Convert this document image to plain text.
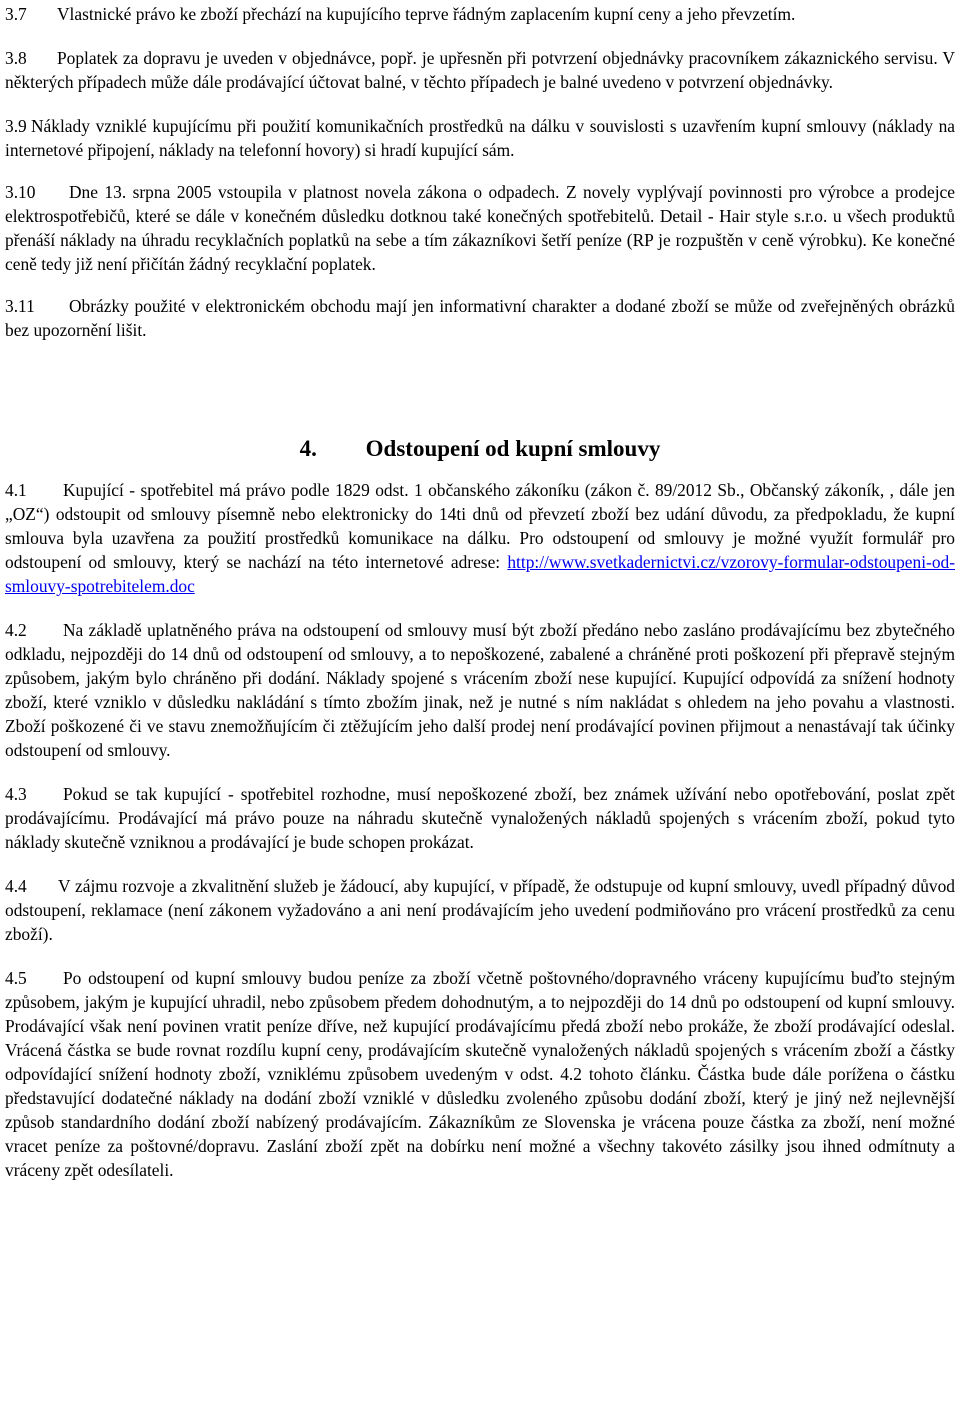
3.7 Vlastnické právo ke zboží přechází na kupujícího teprve řádným zaplacením kupní ceny a jeho převzetím.

3.8 Poplatek za dopravu je uveden v objednávce, popř. je upřesněn při potvrzení objednávky pracovníkem zákaznického servisu. V některých případech může dále prodávající účtovat balné, v těchto případech je balné uvedeno v potvrzení objednávky.

3.9 Náklady vzniklé kupujícímu při použití komunikačních prostředků na dálku v souvislosti s uzavřením kupní smlouvy (náklady na internetové připojení, náklady na telefonní hovory) si hradí kupující sám.

3.10 Dne 13. srpna 2005 vstoupila v platnost novela zákona o odpadech. Z novely vyplývají povinnosti pro výrobce a prodejce elektrospotřebičů, které se dále v konečném důsledku dotknou také konečných spotřebitelů. Detail - Hair style s.r.o. u všech produktů přenáší náklady na úhradu recyklačních poplatků na sebe a tím zákazníkovi šetří peníze (RP je rozpuštěn v ceně výrobku). Ke konečné ceně tedy již není přičítán žádný recyklační poplatek.

3.11 Obrázky použité v elektronickém obchodu mají jen informativní charakter a dodané zboží se může od zveřejněných obrázků bez upozornění lišit.

4. Odstoupení od kupní smlouvy

4.1 Kupující - spotřebitel má právo podle 1829 odst. 1 občanského zákoníku (zákon č. 89/2012 Sb., Občanský zákoník, , dále jen „OZ“) odstoupit od smlouvy písemně nebo elektronicky do 14ti dnů od převzetí zboží bez udání důvodu, za předpokladu, že kupní smlouva byla uzavřena za použití prostředků komunikace na dálku. Pro odstoupení od smlouvy je možné využít formulář pro odstoupení od smlouvy, který se nachází na této internetové adrese: http://www.svetkadernictvi.cz/vzorovy-formular-odstoupeni-od-smlouvy-spotrebitelem.doc

4.2 Na základě uplatněného práva na odstoupení od smlouvy musí být zboží předáno nebo zasláno prodávajícímu bez zbytečného odkladu, nejpozději do 14 dnů od odstoupení od smlouvy, a to nepoškozené, zabalené a chráněné proti poškození při přepravě stejným způsobem, jakým bylo chráněno při dodání. Náklady spojené s vrácením zboží nese kupující. Kupující odpovídá za snížení hodnoty zboží, které vzniklo v důsledku nakládání s tímto zbožím jinak, než je nutné s ním nakládat s ohledem na jeho povahu a vlastnosti. Zboží poškozené či ve stavu znemožňujícím či ztěžujícím jeho další prodej není prodávající povinen přijmout a nenastávají tak účinky odstoupení od smlouvy.

4.3 Pokud se tak kupující - spotřebitel rozhodne, musí nepoškozené zboží, bez známek užívání nebo opotřebování, poslat zpět prodávajícímu. Prodávající má právo pouze na náhradu skutečně vynaložených nákladů spojených s vrácením zboží, pokud tyto náklady skutečně vzniknou a prodávající je bude schopen prokázat.

4.4 V zájmu rozvoje a zkvalitnění služeb je žádoucí, aby kupující, v případě, že odstupuje od kupní smlouvy, uvedl případný důvod odstoupení, reklamace (není zákonem vyžadováno a ani není prodávajícím jeho uvedení podmiňováno pro vrácení prostředků za cenu zboží).

4.5 Po odstoupení od kupní smlouvy budou peníze za zboží včetně poštovného/dopravného vráceny kupujícímu buďto stejným způsobem, jakým je kupující uhradil, nebo způsobem předem dohodnutým, a to nejpozději do 14 dnů po odstoupení od kupní smlouvy. Prodávající však není povinen vratit peníze dříve, než kupující prodávajícímu předá zboží nebo prokáže, že zboží prodávající odeslal. Vrácená částka se bude rovnat rozdílu kupní ceny, prodávajícím skutečně vynaložených nákladů spojených s vrácením zboží a částky odpovídající snížení hodnoty zboží, vzniklému způsobem uvedeným v odst. 4.2 tohoto článku. Částka bude dále porížena o částku představující dodatečné náklady na dodání zboží vzniklé v důsledku zvoleného způsobu dodání zboží, který je jiný než nejlevnější způsob standardního dodání zboží nabízený prodávajícím. Zákazníkům ze Slovenska je vrácena pouze částka za zboží, není možné vracet peníze za poštovné/dopravu. Zaslání zboží zpět na dobírku není možné a všechny takovéto zásilky jsou ihned odmítnuty a vráceny zpět odesílateli.
